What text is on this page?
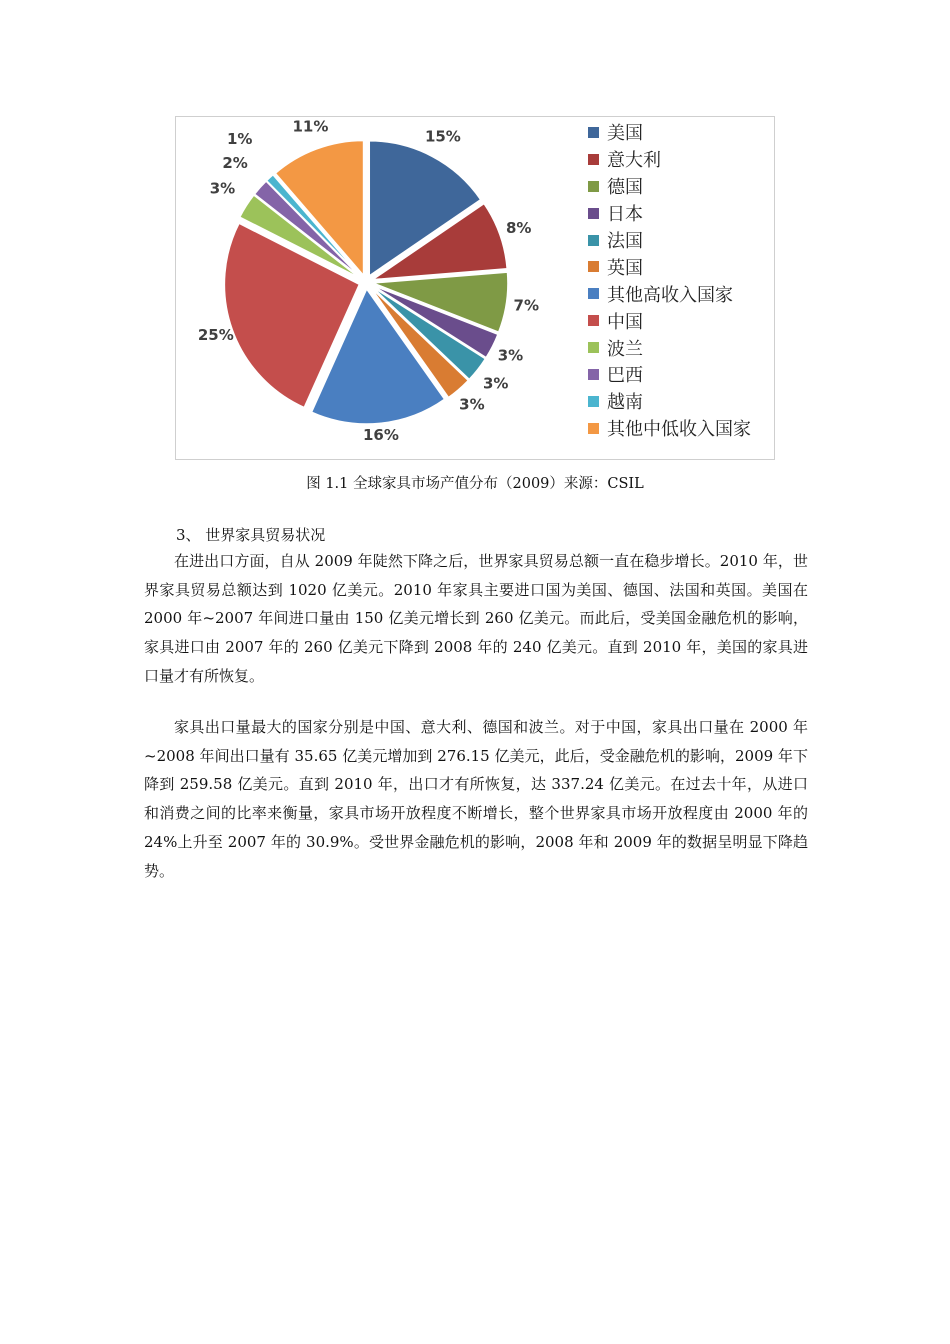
15%
8%
7%
3%
3%
3%
16%
25%
3%
2%
1%
11%	美国
意大利
德国
日本
法国
英国
其他高收入国家
中国
波兰
巴西
越南
其他中低收入国家
图 1.1 全球家具市场产值分布（2009）来源：CSIL
3、 世界家具贸易状况

在进出口方面，自从 2009 年陡然下降之后，世界家具贸易总额一直在稳步增长。2010 年，世界家具贸易总额达到 1020 亿美元。2010 年家具主要进口国为美国、德国、法国和英国。美国在 2000 年~2007 年间进口量由 150 亿美元增长到 260 亿美元。而此后，受美国金融危机的影响，家具进口由 2007 年的 260 亿美元下降到 2008 年的 240 亿美元。直到 2010 年，美国的家具进口量才有所恢复。

家具出口量最大的国家分别是中国、意大利、德国和波兰。对于中国，家具出口量在 2000 年~2008 年间出口量有 35.65 亿美元增加到 276.15 亿美元，此后，受金融危机的影响，2009 年下降到 259.58 亿美元。直到 2010 年，出口才有所恢复，达 337.24 亿美元。在过去十年，从进口和消费之间的比率来衡量，家具市场开放程度不断增长，整个世界家具市场开放程度由 2000 年的 24%上升至 2007 年的 30.9%。受世界金融危机的影响，2008 年和 2009 年的数据呈明显下降趋势。
